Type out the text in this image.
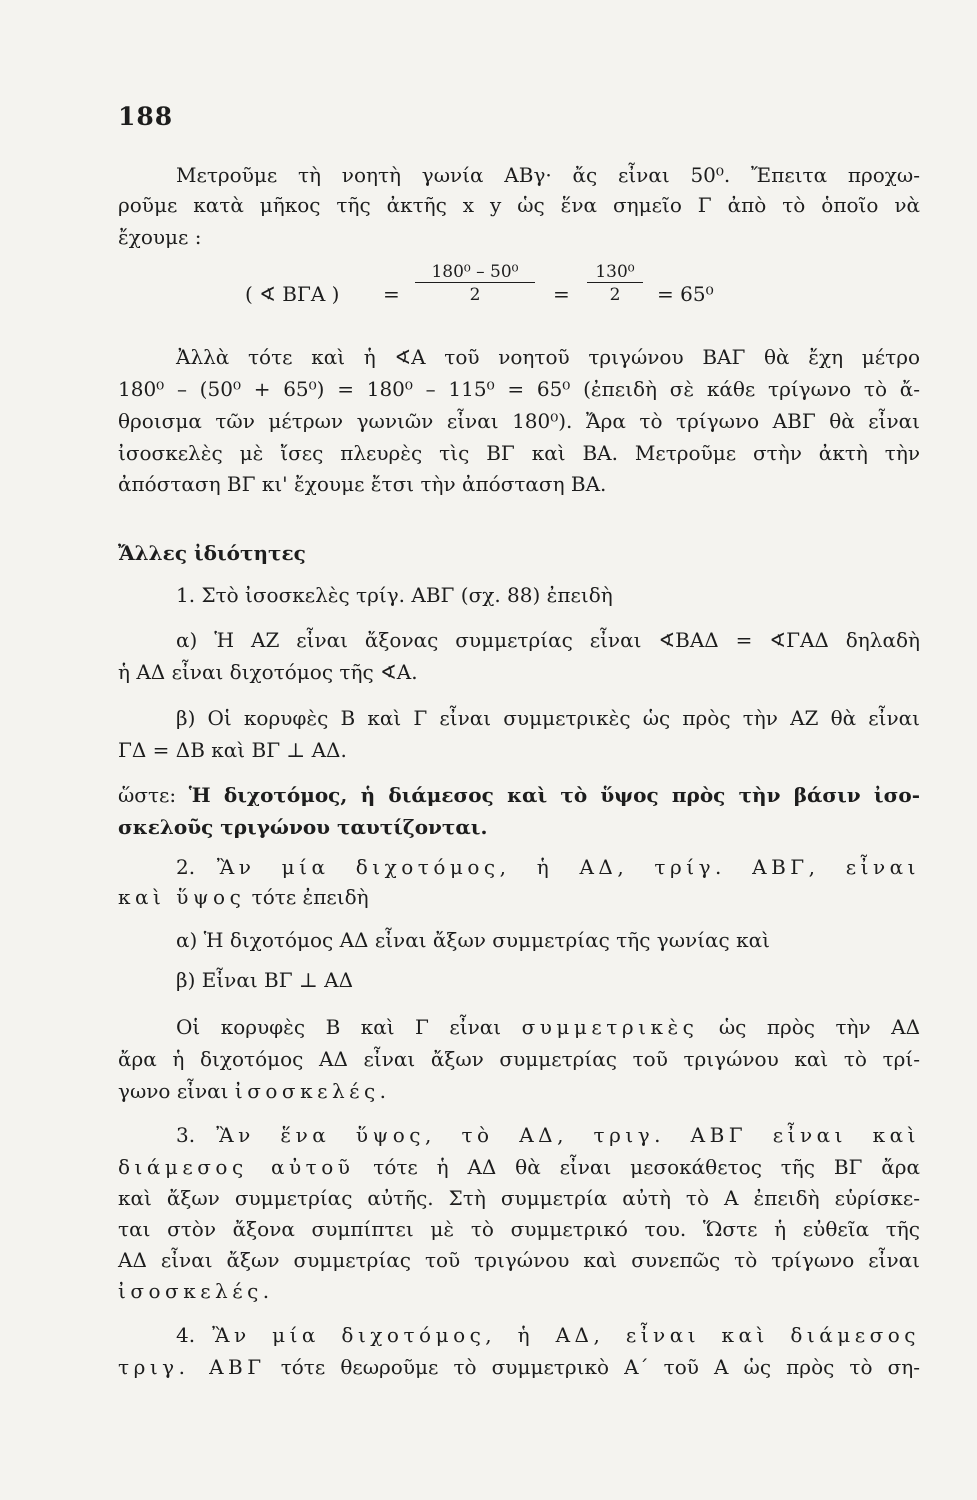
188
Μετροῦμε τὴ νοητὴ γωνία ΑΒγ· ἄς εἶναι 50⁰. Ἔπειτα προχω-
ροῦμε κατὰ μῆκος τῆς ἀκτῆς x y ὡς ἕνα σημεῖο Γ ἀπὸ τὸ ὁποῖο νὰ
ἔχουμε :
( ∢ ΒΓΑ ) = $\frac{\text{180⁰ – 50⁰}}{2} = \frac{\text{130⁰}}{2} = 65^0$
Ἀλλὰ τότε καὶ ἡ ∢Α τοῦ νοητοῦ τριγώνου ΒΑΓ θὰ ἔχη μέτρο
180⁰ – (50⁰ + 65⁰) = 180⁰ – 115⁰ = 65⁰ (ἐπειδὴ σὲ κάθε τρίγωνο τὸ ἄ-
θροισμα τῶν μέτρων γωνιῶν εἶναι 180⁰). Ἄρα τὸ τρίγωνο ΑΒΓ θὰ εἶναι
ἰσοσκελὲς μὲ ἴσες πλευρὲς τὶς ΒΓ καὶ ΒΑ. Μετροῦμε στὴν ἀκτὴ τὴν
ἀπόσταση ΒΓ κι' ἔχουμε ἔτσι τὴν ἀπόσταση ΒΑ.
Ἄλλες ἰδιότητες
1. Στὸ ἰσοσκελὲς τρίγ. ΑΒΓ (σχ. 88) ἐπειδὴ
α) Ἡ ΑΖ εἶναι ἄξονας συμμετρίας εἶναι ∢ΒΑΔ = ∢ΓΑΔ δηλαδὴ
ἡ ΑΔ εἶναι διχοτόμος τῆς ∢Α.
β) Οἱ κορυφὲς Β καὶ Γ εἶναι συμμετρικὲς ὡς πρὸς τὴν ΑΖ θὰ εἶναι
ΓΔ = ΔΒ καὶ ΒΓ ⊥ ΑΔ.
ὥστε: Ἡ διχοτόμος, ἡ διάμεσος καὶ τὸ ὕψος πρὸς τὴν βάσιν ἰσο-
σκελοῦς τριγώνου ταυτίζονται.
2. Ἂν μία διχοτόμος, ἡ ΑΔ, τρίγ. ΑΒΓ, εἶναι
καὶ ὕψος τότε ἐπειδὴ
α) Ἡ διχοτόμος ΑΔ εἶναι ἄξων συμμετρίας τῆς γωνίας καὶ
β) Εἶναι ΒΓ ⊥ ΑΔ
Οἱ κορυφὲς Β καὶ Γ εἶναι συμμετρικὲς ὡς πρὸς τὴν ΑΔ
ἄρα ἡ διχοτόμος ΑΔ εἶναι ἄξων συμμετρίας τοῦ τριγώνου καὶ τὸ τρί-
γωνο εἶναι ἰσοσκελές.
3. Ἂν ἕνα ὕψος, τὸ ΑΔ, τριγ. ΑΒΓ εἶναι καὶ
διάμεσος αὐτοῦ τότε ἡ ΑΔ θὰ εἶναι μεσοκάθετος τῆς ΒΓ ἄρα
καὶ ἄξων συμμετρίας αὐτῆς. Στὴ συμμετρία αὐτὴ τὸ Α ἐπειδὴ εὑρίσκε-
ται στὸν ἄξονα συμπίπτει μὲ τὸ συμμετρικό του. Ὥστε ἡ εὐθεῖα τῆς
ΑΔ εἶναι ἄξων συμμετρίας τοῦ τριγώνου καὶ συνεπῶς τὸ τρίγωνο εἶναι
ἰσοσκελές.
4. Ἂν μία διχοτόμος, ἡ ΑΔ, εἶναι καὶ διάμεσος
τριγ. ΑΒΓ τότε θεωροῦμε τὸ συμμετρικὸ Α΄ τοῦ Α ὡς πρὸς τὸ ση-
